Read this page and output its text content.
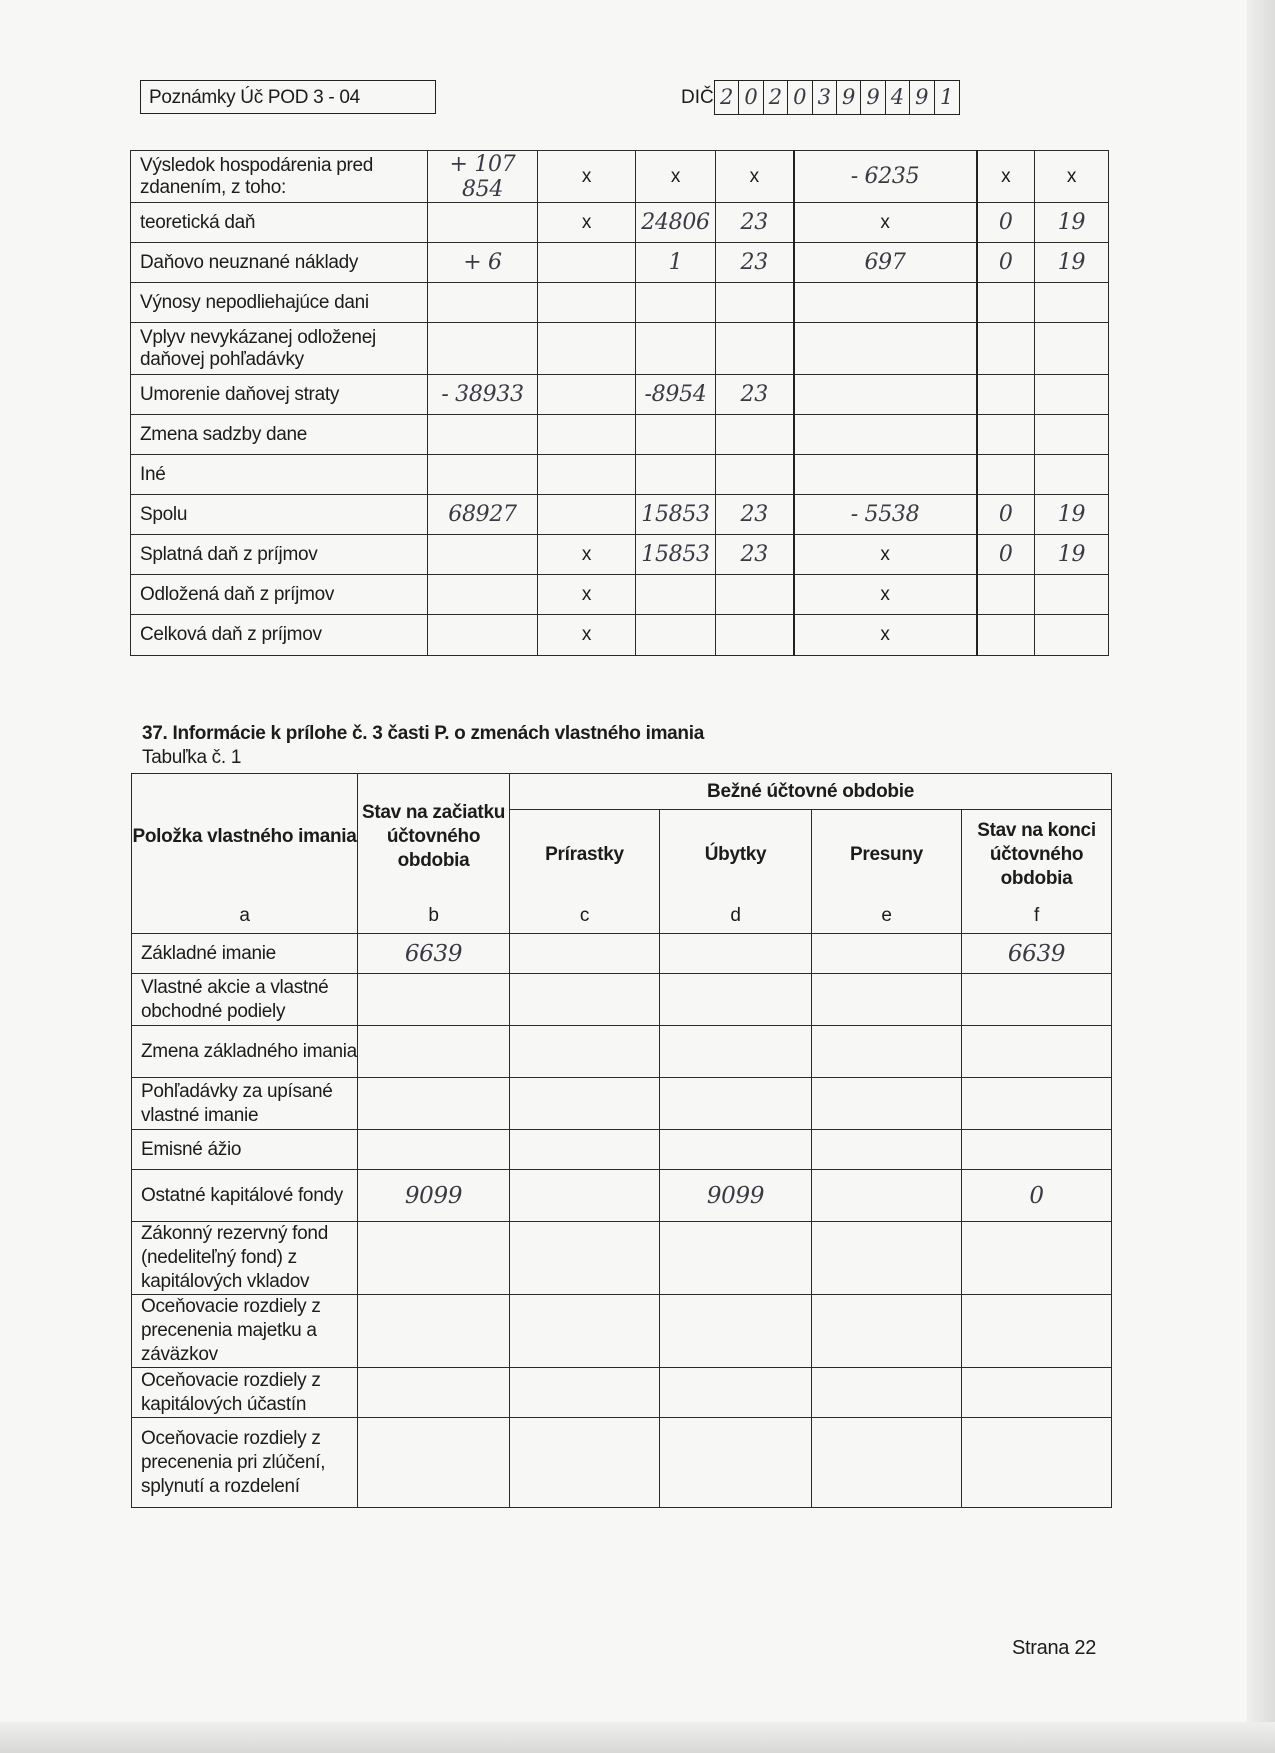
Poznámky Úč POD 3 - 04	DIČ 2 0 2 0 3 9 9 4 9 1
Výsledok hospodárenia pred zdanením, z toho:	+ 107 854	x	x	x	- 6235	x	x
teoretická daň		x	24806	23	x	0	19
Daňovo neuznané náklady	+ 6		1	23	697	0	19
Výnosy nepodliehajúce dani							
Vplyv nevykázanej odloženej daňovej pohľadávky							
Umorenie daňovej straty	- 38933		-8954	23			
Zmena sadzby dane							
Iné							
Spolu	68927		15853	23	- 5538	0	19
Splatná daň z príjmov		x	15853	23	x	0	19
Odložená daň z príjmov		x			x		
Celková daň z príjmov		x			x		
37. Informácie k prílohe č. 3 časti P. o zmenách vlastného imania
Tabuľka č. 1
Položka vlastného imania	Stav na začiatku účtovného obdobia	Bežné účtovné obdobie			
		Prírastky	Úbytky	Presuny	Stav na konci účtovného obdobia
a	b	c	d	e	f
Základné imanie	6639				6639
Vlastné akcie a vlastné obchodné podiely					
Zmena základného imania					
Pohľadávky za upísané vlastné imanie					
Emisné ážio					
Ostatné kapitálové fondy	9099		9099		0
Zákonný rezervný fond (nedeliteľný fond) z kapitálových vkladov					
Oceňovacie rozdiely z precenenia majetku a záväzkov					
Oceňovacie rozdiely z kapitálových účastín					
Oceňovacie rozdiely z precenenia pri zlúčení, splynutí a rozdelení					
Strana 22
